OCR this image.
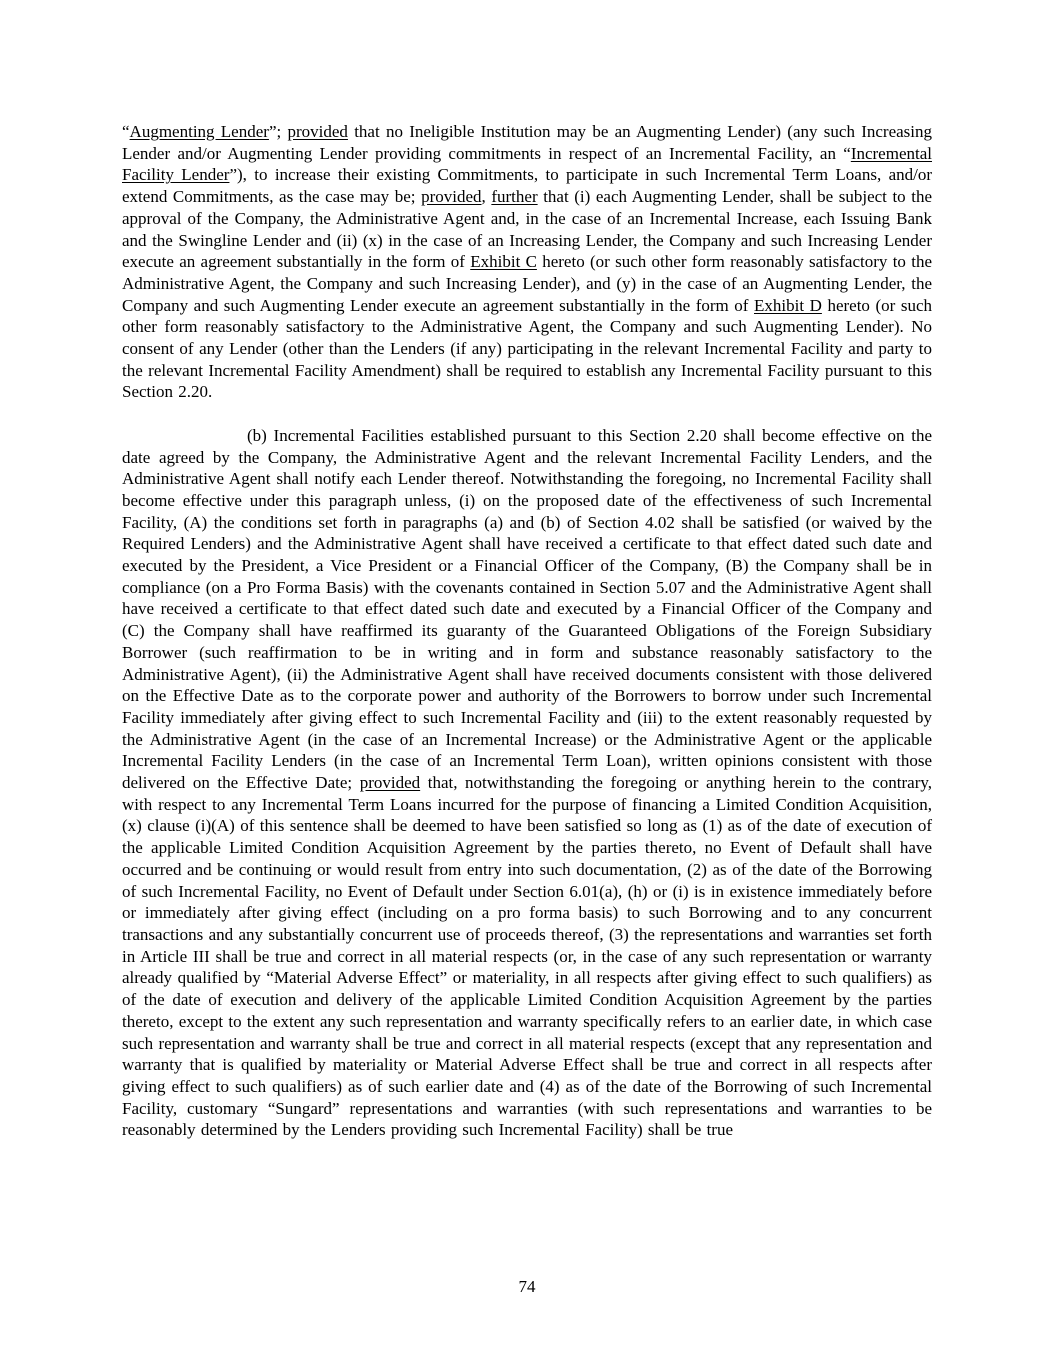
“Augmenting Lender”; provided that no Ineligible Institution may be an Augmenting Lender) (any such Increasing Lender and/or Augmenting Lender providing commitments in respect of an Incremental Facility, an “Incremental Facility Lender”), to increase their existing Commitments, to participate in such Incremental Term Loans, and/or extend Commitments, as the case may be; provided, further that (i) each Augmenting Lender, shall be subject to the approval of the Company, the Administrative Agent and, in the case of an Incremental Increase, each Issuing Bank and the Swingline Lender and (ii) (x) in the case of an Increasing Lender, the Company and such Increasing Lender execute an agreement substantially in the form of Exhibit C hereto (or such other form reasonably satisfactory to the Administrative Agent, the Company and such Increasing Lender), and (y) in the case of an Augmenting Lender, the Company and such Augmenting Lender execute an agreement substantially in the form of Exhibit D hereto (or such other form reasonably satisfactory to the Administrative Agent, the Company and such Augmenting Lender). No consent of any Lender (other than the Lenders (if any) participating in the relevant Incremental Facility and party to the relevant Incremental Facility Amendment) shall be required to establish any Incremental Facility pursuant to this Section 2.20.

(b) Incremental Facilities established pursuant to this Section 2.20 shall become effective on the date agreed by the Company, the Administrative Agent and the relevant Incremental Facility Lenders, and the Administrative Agent shall notify each Lender thereof. Notwithstanding the foregoing, no Incremental Facility shall become effective under this paragraph unless, (i) on the proposed date of the effectiveness of such Incremental Facility, (A) the conditions set forth in paragraphs (a) and (b) of Section 4.02 shall be satisfied (or waived by the Required Lenders) and the Administrative Agent shall have received a certificate to that effect dated such date and executed by the President, a Vice President or a Financial Officer of the Company, (B) the Company shall be in compliance (on a Pro Forma Basis) with the covenants contained in Section 5.07 and the Administrative Agent shall have received a certificate to that effect dated such date and executed by a Financial Officer of the Company and (C) the Company shall have reaffirmed its guaranty of the Guaranteed Obligations of the Foreign Subsidiary Borrower (such reaffirmation to be in writing and in form and substance reasonably satisfactory to the Administrative Agent), (ii) the Administrative Agent shall have received documents consistent with those delivered on the Effective Date as to the corporate power and authority of the Borrowers to borrow under such Incremental Facility immediately after giving effect to such Incremental Facility and (iii) to the extent reasonably requested by the Administrative Agent (in the case of an Incremental Increase) or the Administrative Agent or the applicable Incremental Facility Lenders (in the case of an Incremental Term Loan), written opinions consistent with those delivered on the Effective Date; provided that, notwithstanding the foregoing or anything herein to the contrary, with respect to any Incremental Term Loans incurred for the purpose of financing a Limited Condition Acquisition, (x) clause (i)(A) of this sentence shall be deemed to have been satisfied so long as (1) as of the date of execution of the applicable Limited Condition Acquisition Agreement by the parties thereto, no Event of Default shall have occurred and be continuing or would result from entry into such documentation, (2) as of the date of the Borrowing of such Incremental Facility, no Event of Default under Section 6.01(a), (h) or (i) is in existence immediately before or immediately after giving effect (including on a pro forma basis) to such Borrowing and to any concurrent transactions and any substantially concurrent use of proceeds thereof, (3) the representations and warranties set forth in Article III shall be true and correct in all material respects (or, in the case of any such representation or warranty already qualified by “Material Adverse Effect” or materiality, in all respects after giving effect to such qualifiers) as of the date of execution and delivery of the applicable Limited Condition Acquisition Agreement by the parties thereto, except to the extent any such representation and warranty specifically refers to an earlier date, in which case such representation and warranty shall be true and correct in all material respects (except that any representation and warranty that is qualified by materiality or Material Adverse Effect shall be true and correct in all respects after giving effect to such qualifiers) as of such earlier date and (4) as of the date of the Borrowing of such Incremental Facility, customary “Sungard” representations and warranties (with such representations and warranties to be reasonably determined by the Lenders providing such Incremental Facility) shall be true

74
